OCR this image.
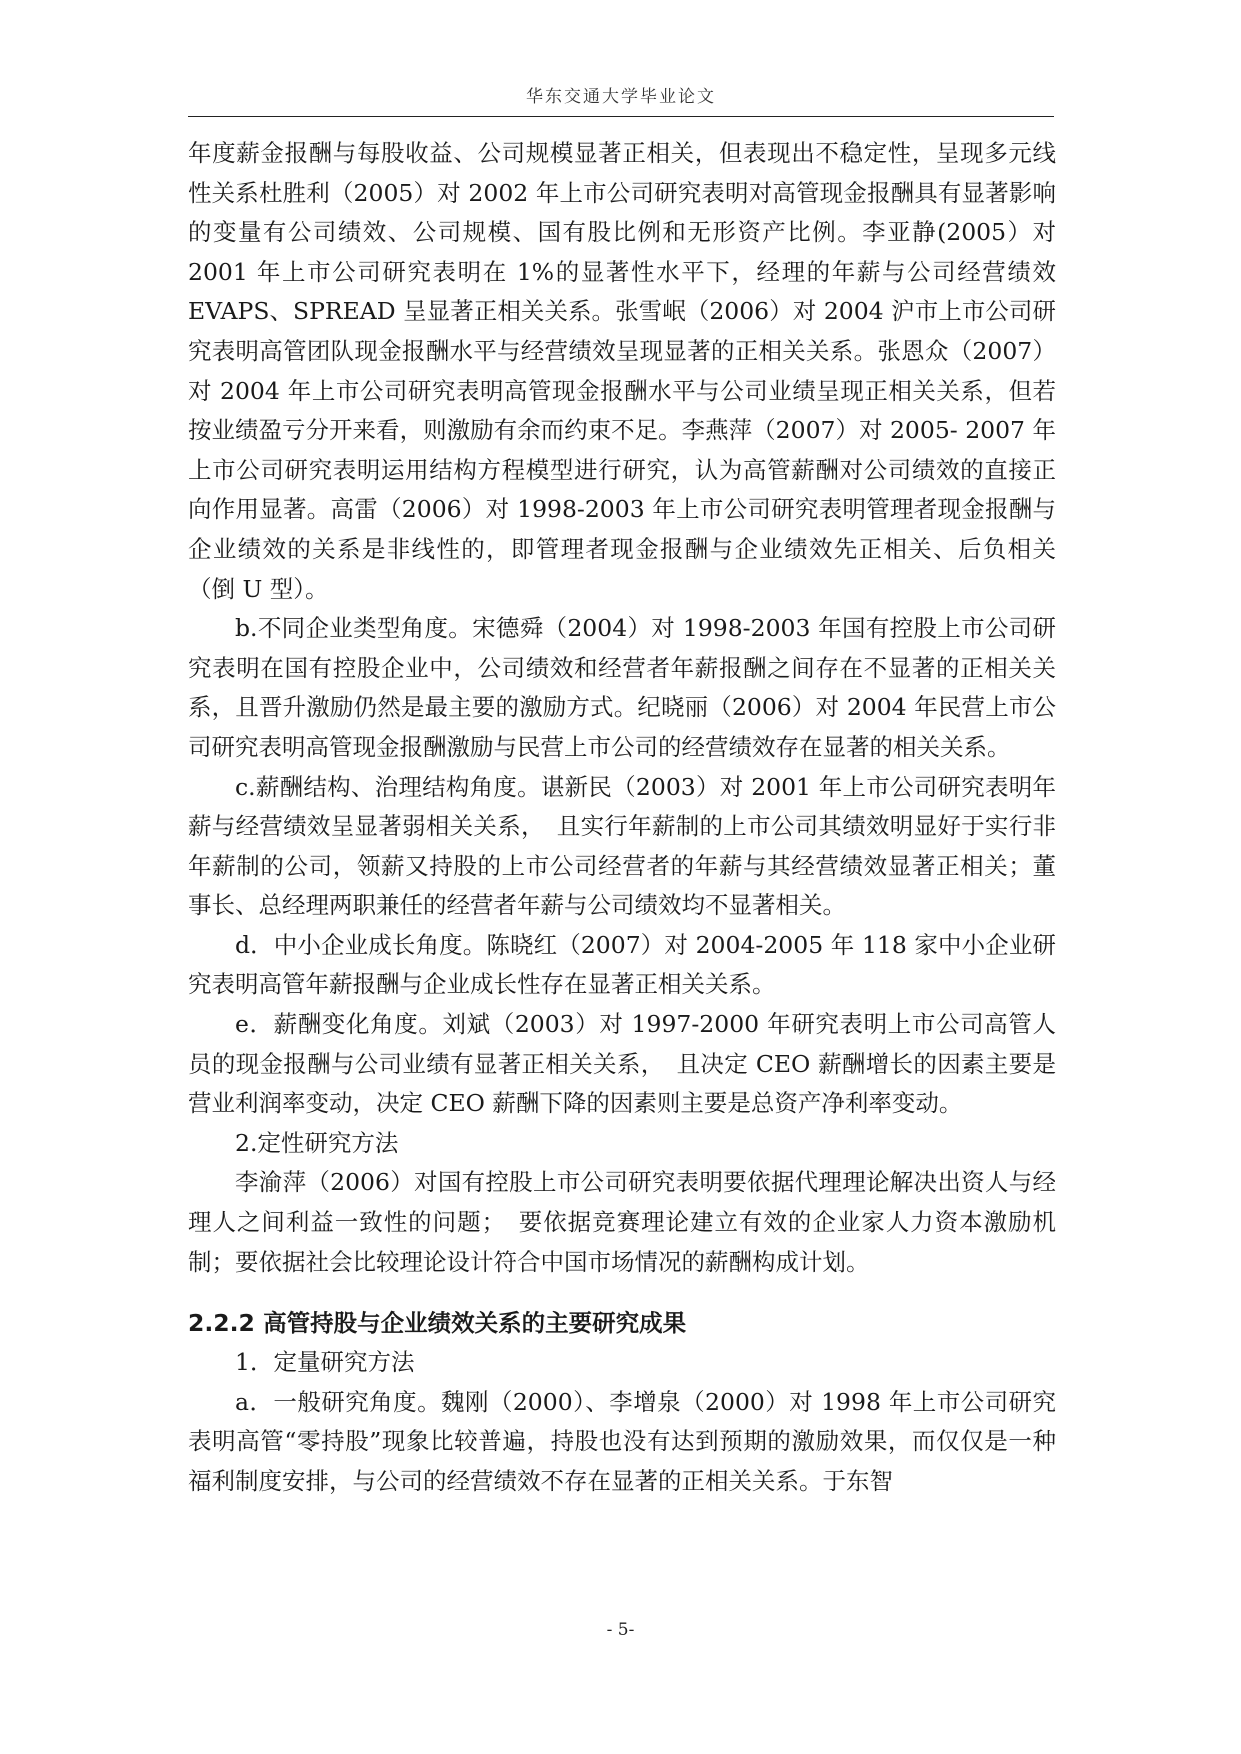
华东交通大学毕业论文

年度薪金报酬与每股收益、公司规模显著正相关，但表现出不稳定性，呈现多元线性关系杜胜利（2005）对 2002 年上市公司研究表明对高管现金报酬具有显著影响的变量有公司绩效、公司规模、国有股比例和无形资产比例。李亚静(2005）对 2001 年上市公司研究表明在 1%的显著性水平下，经理的年薪与公司经营绩效 EVAPS、SPREAD 呈显著正相关关系。张雪岷（2006）对 2004 沪市上市公司研究表明高管团队现金报酬水平与经营绩效呈现显著的正相关关系。张恩众（2007）对 2004 年上市公司研究表明高管现金报酬水平与公司业绩呈现正相关关系，但若按业绩盈亏分开来看，则激励有余而约束不足。李燕萍（2007）对 2005- 2007 年上市公司研究表明运用结构方程模型进行研究，认为高管薪酬对公司绩效的直接正向作用显著。高雷（2006）对 1998-2003 年上市公司研究表明管理者现金报酬与企业绩效的关系是非线性的，即管理者现金报酬与企业绩效先正相关、后负相关（倒 U 型）。

b.不同企业类型角度。宋德舜（2004）对 1998-2003 年国有控股上市公司研究表明在国有控股企业中，公司绩效和经营者年薪报酬之间存在不显著的正相关关系，且晋升激励仍然是最主要的激励方式。纪晓丽（2006）对 2004 年民营上市公司研究表明高管现金报酬激励与民营上市公司的经营绩效存在显著的相关关系。

c.薪酬结构、治理结构角度。谌新民（2003）对 2001 年上市公司研究表明年薪与经营绩效呈显著弱相关关系，　且实行年薪制的上市公司其绩效明显好于实行非年薪制的公司，领薪又持股的上市公司经营者的年薪与其经营绩效显著正相关；董事长、总经理两职兼任的经营者年薪与公司绩效均不显著相关。

d．中小企业成长角度。陈晓红（2007）对 2004-2005 年 118 家中小企业研究表明高管年薪报酬与企业成长性存在显著正相关关系。

e．薪酬变化角度。刘斌（2003）对 1997-2000 年研究表明上市公司高管人员的现金报酬与公司业绩有显著正相关关系，　且决定 CEO 薪酬增长的因素主要是营业利润率变动，决定 CEO 薪酬下降的因素则主要是总资产净利率变动。

2.定性研究方法

李渝萍（2006）对国有控股上市公司研究表明要依据代理理论解决出资人与经理人之间利益一致性的问题；　要依据竞赛理论建立有效的企业家人力资本激励机制；要依据社会比较理论设计符合中国市场情况的薪酬构成计划。

2.2.2 高管持股与企业绩效关系的主要研究成果

1．定量研究方法

a．一般研究角度。魏刚（2000）、李增泉（2000）对 1998 年上市公司研究表明高管“零持股”现象比较普遍，持股也没有达到预期的激励效果，而仅仅是一种福利制度安排，与公司的经营绩效不存在显著的正相关关系。于东智

- 5-
